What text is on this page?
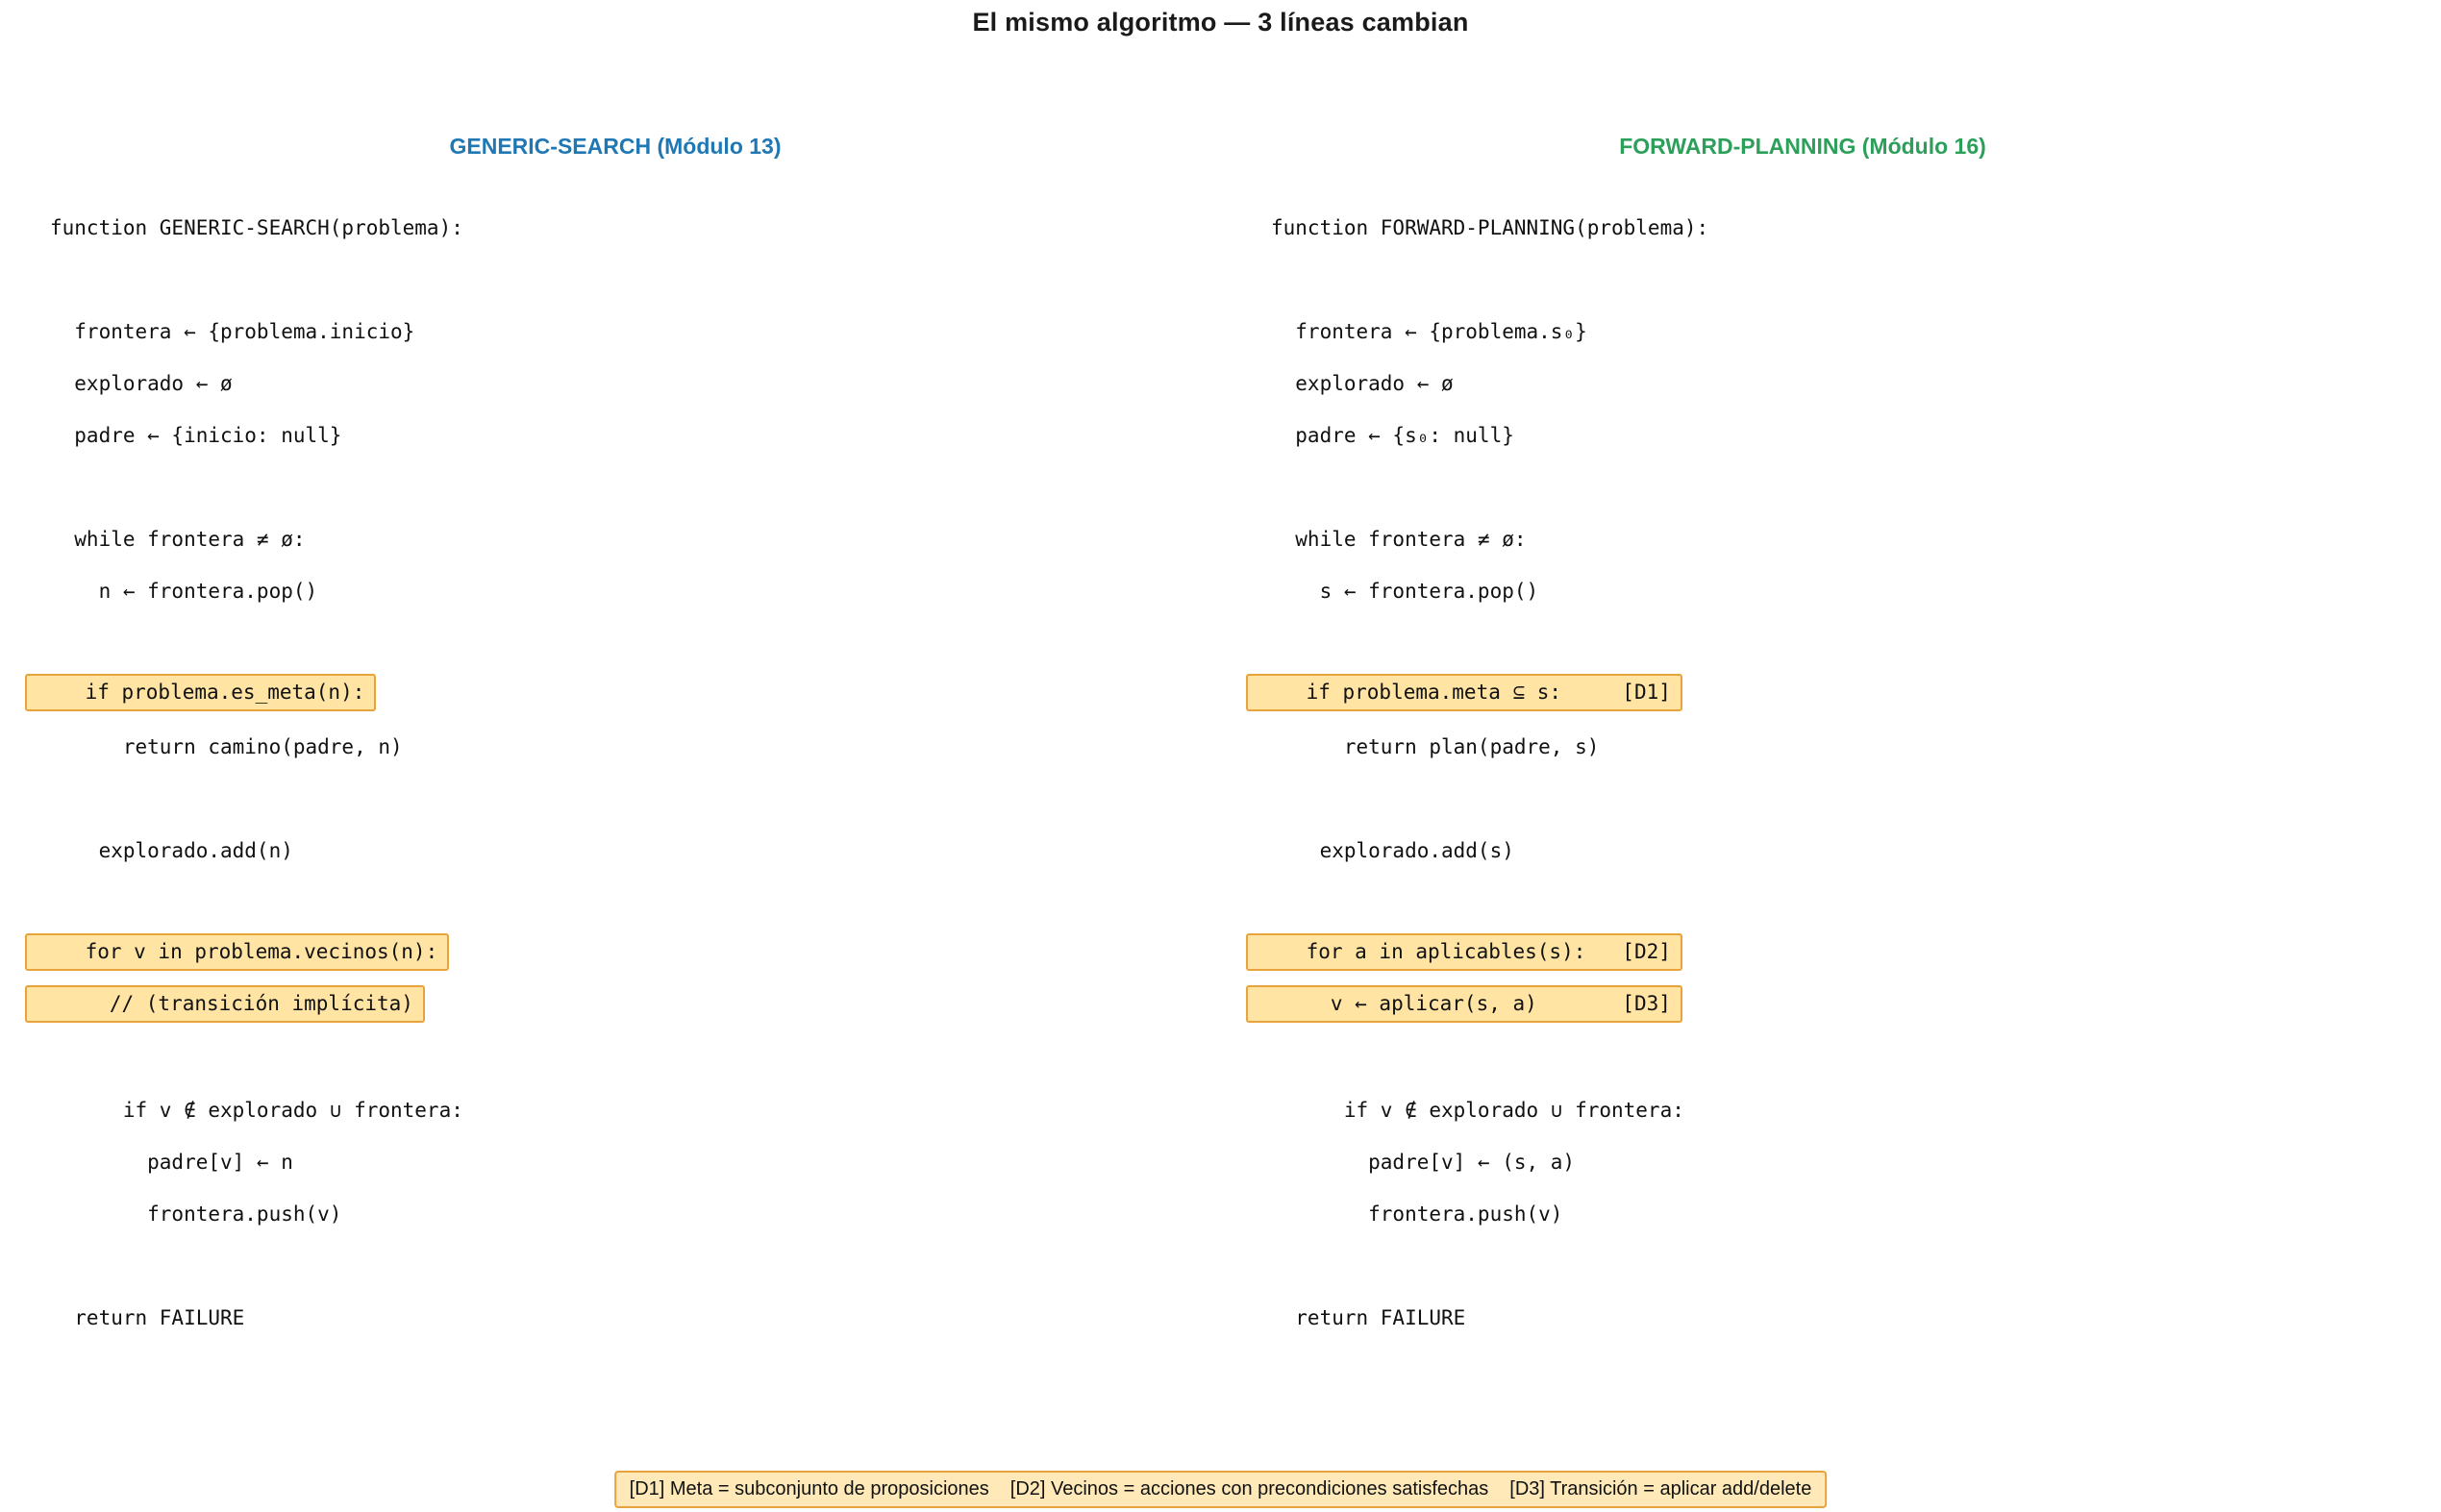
El mismo algoritmo — 3 líneas cambian
GENERIC-SEARCH (Módulo 13)	FORWARD-PLANNING (Módulo 16)
function GENERIC-SEARCH(problema):

frontera ← {problema.inicio}
explorado ← ø
padre ← {inicio: null}

while frontera ≠ ø:
n ← frontera.pop()

if problema.es_meta(n):
return camino(padre, n)

explorado.add(n)

for v in problema.vecinos(n):
// (transición implícita)

if v ∉ explorado ∪ frontera:
padre[v] ← n
frontera.push(v)

return FAILURE
function FORWARD-PLANNING(problema):

frontera ← {problema.s₀}
explorado ← ø
padre ← {s₀: null}

while frontera ≠ ø:
s ← frontera.pop()

if problema.meta ⊆ s:     [D1]
return plan(padre, s)

explorado.add(s)

for a in aplicables(s):   [D2]
v ← aplicar(s, a)       [D3]

if v ∉ explorado ∪ frontera:
padre[v] ← (s, a)
frontera.push(v)

return FAILURE
[D1] Meta = subconjunto de proposiciones [D2] Vecinos = acciones con precondiciones satisfechas [D3] Transición = aplicar add/delete
